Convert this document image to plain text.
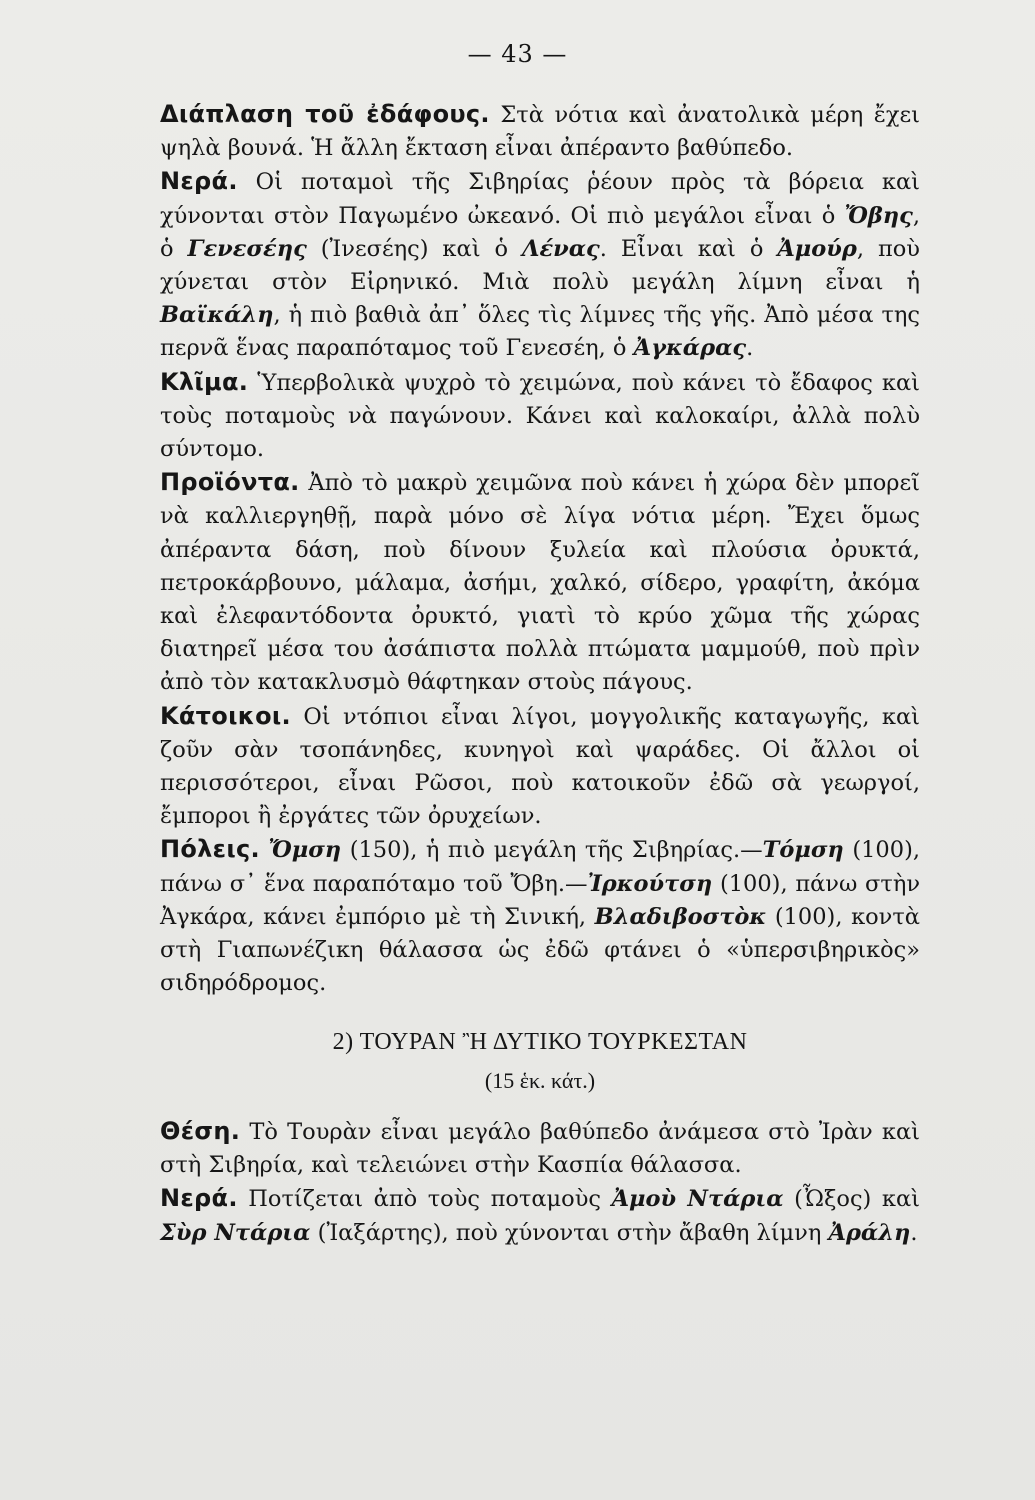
— 43 —

Διάπλαση τοῦ ἐδάφους. Στὰ νότια καὶ ἀνατολικὰ μέρη ἔχει ψηλὰ βουνά. Ἡ ἄλλη ἔκταση εἶναι ἀπέραντο βαθύπεδο.

Νερά. Οἱ ποταμοὶ τῆς Σιβηρίας ῥέουν πρὸς τὰ βόρεια καὶ χύνονται στὸν Παγωμένο ὠκεανό. Οἱ πιὸ μεγάλοι εἶναι ὁ Ὄβης, ὁ Γενεσέης (Ἰνεσέης) καὶ ὁ Λένας. Εἶναι καὶ ὁ Ἀμούρ, ποὺ χύνεται στὸν Εἰρηνικό. Μιὰ πολὺ μεγάλη λίμνη εἶναι ἡ Βαϊκάλη, ἡ πιὸ βαθιὰ ἀπ᾿ ὅλες τὶς λίμνες τῆς γῆς. Ἀπὸ μέσα της περνᾶ ἕνας παραπόταμος τοῦ Γενεσέη, ὁ Ἀγκάρας.

Κλῖμα. Ὑπερβολικὰ ψυχρὸ τὸ χειμώνα, ποὺ κάνει τὸ ἔδαφος καὶ τοὺς ποταμοὺς νὰ παγώνουν. Κάνει καὶ καλοκαίρι, ἀλλὰ πολὺ σύντομο.

Προϊόντα. Ἀπὸ τὸ μακρὺ χειμῶνα ποὺ κάνει ἡ χώρα δὲν μπορεῖ νὰ καλλιεργηθῇ, παρὰ μόνο σὲ λίγα νότια μέρη. Ἔχει ὅμως ἀπέραντα δάση, ποὺ δίνουν ξυλεία καὶ πλούσια ὀρυκτά, πετροκάρβουνο, μάλαμα, ἀσήμι, χαλκό, σίδερο, γραφίτη, ἀκόμα καὶ ἐλεφαντόδοντα ὀρυκτό, γιατὶ τὸ κρύο χῶμα τῆς χώρας διατηρεῖ μέσα του ἀσάπιστα πολλὰ πτώματα μαμμούθ, ποὺ πρὶν ἀπὸ τὸν κατακλυσμὸ θάφτηκαν στοὺς πάγους.

Κάτοικοι. Οἱ ντόπιοι εἶναι λίγοι, μογγολικῆς καταγωγῆς, καὶ ζοῦν σὰν τσοπάνηδες, κυνηγοὶ καὶ ψαράδες. Οἱ ἄλλοι οἱ περισσότεροι, εἶναι Ρῶσοι, ποὺ κατοικοῦν ἐδῶ σὰ γεωργοί, ἔμποροι ἢ ἐργάτες τῶν ὀρυχείων.

Πόλεις. Ὄμση (150), ἡ πιὸ μεγάλη τῆς Σιβηρίας.—Τόμση (100), πάνω σ᾿ ἕνα παραπόταμο τοῦ Ὄβη.—Ἰρκούτση (100), πάνω στὴν Ἀγκάρα, κάνει ἐμπόριο μὲ τὴ Σινική, Βλαδιβοστὸκ (100), κοντὰ στὴ Γιαπωνέζικη θάλασσα ὡς ἐδῶ φτάνει ὁ «ὑπερσιβηρικὸς» σιδηρόδρομος.

2) ΤΟΥΡΑΝ Ἢ ΔΥΤΙΚΟ ΤΟΥΡΚΕΣΤΑΝ
(15 ἑκ. κάτ.)

Θέση. Τὸ Τουρὰν εἶναι μεγάλο βαθύπεδο ἀνάμεσα στὸ Ἰρὰν καὶ στὴ Σιβηρία, καὶ τελειώνει στὴν Κασπία θάλασσα.

Νερά. Ποτίζεται ἀπὸ τοὺς ποταμοὺς Ἀμοὺ Ντάρια (Ὦξος) καὶ Σὺρ Ντάρια (Ἰαξάρτης), ποὺ χύνονται στὴν ἄβαθη λίμνη Ἀράλη.
